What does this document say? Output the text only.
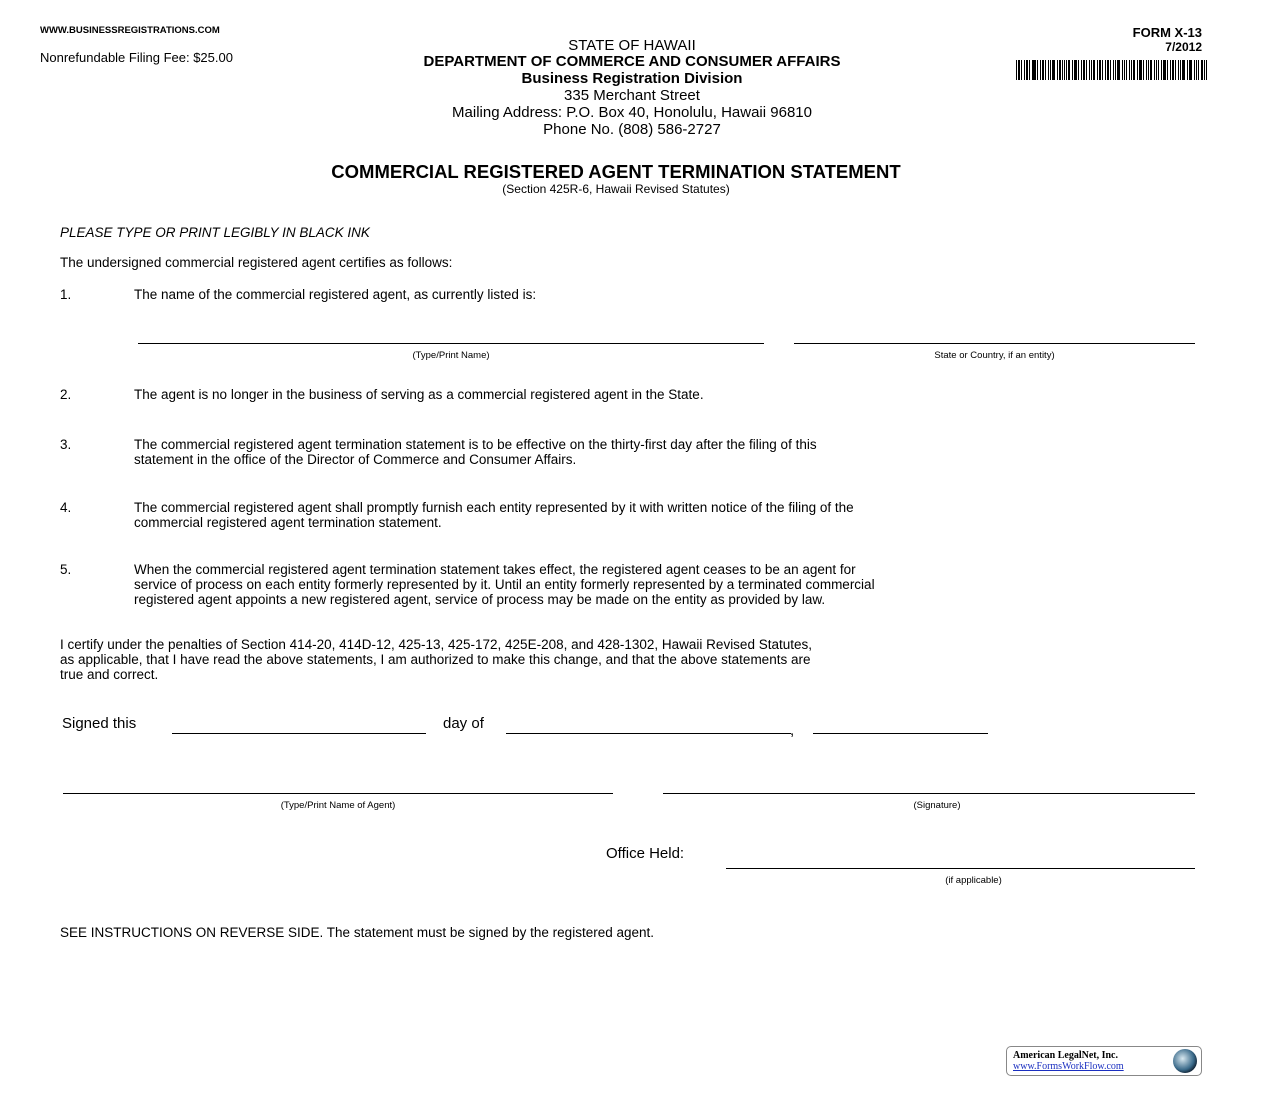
WWW.BUSINESSREGISTRATIONS.COM
Nonrefundable Filing Fee: $25.00
STATE OF HAWAII
DEPARTMENT OF COMMERCE AND CONSUMER AFFAIRS
Business Registration Division
335 Merchant Street
Mailing Address: P.O. Box 40, Honolulu, Hawaii 96810
Phone No. (808) 586-2727
FORM X-13
7/2012
COMMERCIAL REGISTERED AGENT TERMINATION STATEMENT
(Section 425R-6, Hawaii Revised Statutes)
PLEASE TYPE OR PRINT LEGIBLY IN BLACK INK
The undersigned commercial registered agent certifies as follows:
1.	The name of the commercial registered agent, as currently listed is:
2.	The agent is no longer in the business of serving as a commercial registered agent in the State.
3.	The commercial registered agent termination statement is to be effective on the thirty-first day after the filing of this
statement in the office of the Director of Commerce and Consumer Affairs.
4.	The commercial registered agent shall promptly furnish each entity represented by it with written notice of the filing of the
commercial registered agent termination statement.
5.	When the commercial registered agent termination statement takes effect, the registered agent ceases to be an agent for
service of process on each entity formerly represented by it. Until an entity formerly represented by a terminated commercial
registered agent appoints a new registered agent, service of process may be made on the entity as provided by law.
(Type/Print Name)	State or Country, if an entity)
I certify under the penalties of Section 414-20, 414D-12, 425-13, 425-172, 425E-208, and 428-1302, Hawaii Revised Statutes,
as applicable, that I have read the above statements, I am authorized to make this change, and that the above statements are
true and correct.
Signed this	day of	,
(Type/Print Name of Agent)	(Signature)
Office Held:
(if applicable)
SEE INSTRUCTIONS ON REVERSE SIDE. The statement must be signed by the registered agent.
American LegalNet, Inc.
www.FormsWorkFlow.com
